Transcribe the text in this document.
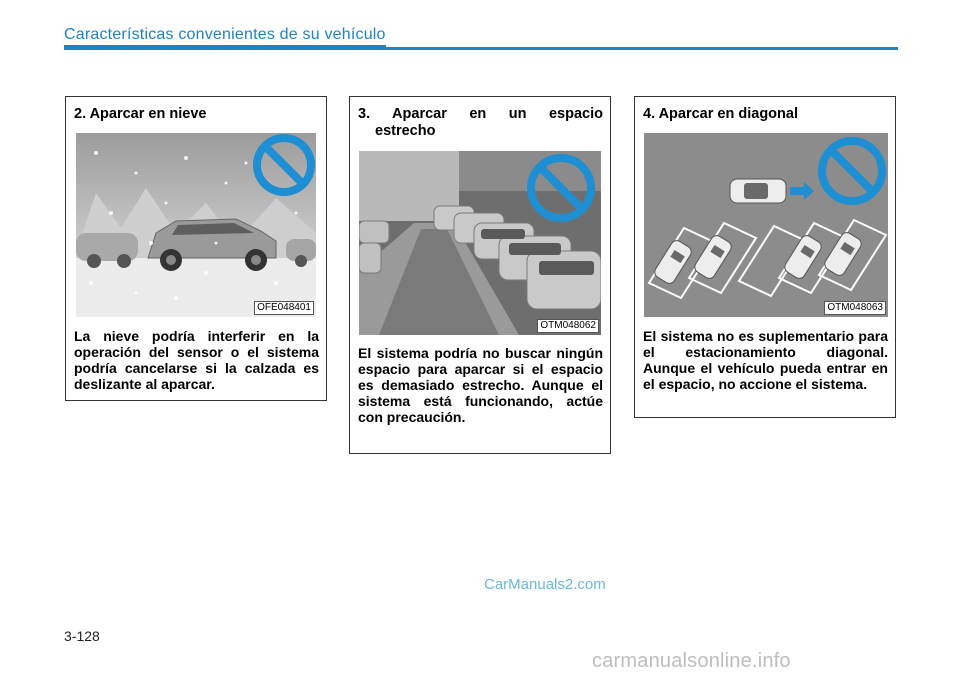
Características convenientes de su vehículo
2. Aparcar en nieve
OFE048401

La nieve podría interferir en la operación del sensor o el sistema podría cancelarse si la calzada es deslizante al aparcar.

3. Aparcar en un espacio
estrecho
OTM048062

El sistema podría no buscar ningún espacio para aparcar si el espacio es demasiado estrecho. Aunque el sistema está funcionando, actúe con precaución.

4. Aparcar en diagonal
OTM048063

El sistema no es suplementario para el estacionamiento diagonal. Aunque el vehículo pueda entrar en el espacio, no accione el sistema.

CarManuals2.com
3-128
carmanualsonline.info
